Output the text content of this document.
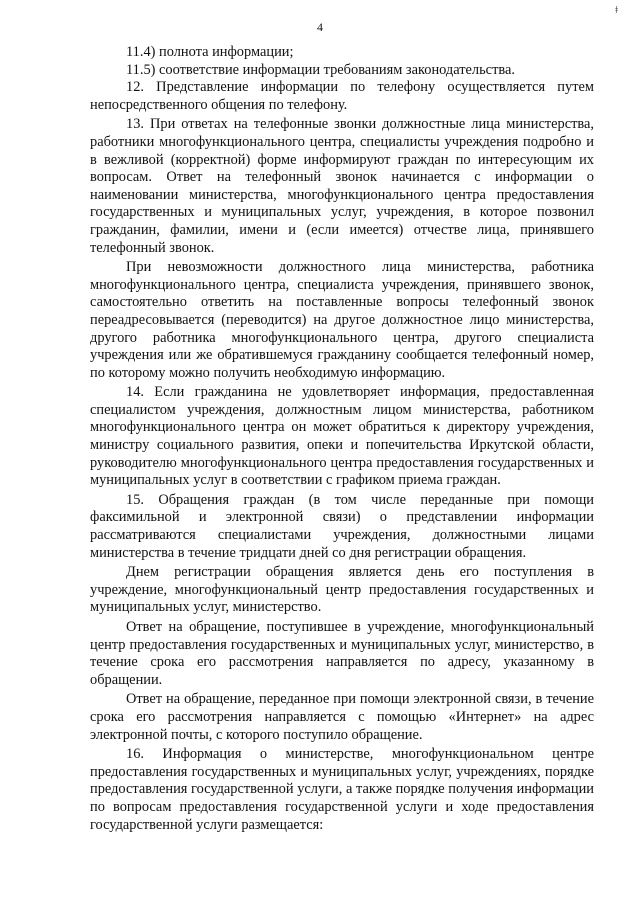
4
ǂ

11.4) полнота информации;

11.5) соответствие информации требованиям законодательства.

12. Представление информации по телефону осуществляется путем непосредственного общения по телефону.

13. При ответах на телефонные звонки должностные лица министерства, работники многофункционального центра, специалисты учреждения подробно и в вежливой (корректной) форме информируют граждан по интересующим их вопросам. Ответ на телефонный звонок начинается с информации о наименовании министерства, многофункционального центра предоставления государственных и муниципальных услуг, учреждения, в которое позвонил гражданин, фамилии, имени и (если имеется) отчестве лица, принявшего телефонный звонок.

При невозможности должностного лица министерства, работника многофункционального центра, специалиста учреждения, принявшего звонок, самостоятельно ответить на поставленные вопросы телефонный звонок переадресовывается (переводится) на другое должностное лицо министерства, другого работника многофункционального центра, другого специалиста учреждения или же обратившемуся гражданину сообщается телефонный номер, по которому можно получить необходимую информацию.

14. Если гражданина не удовлетворяет информация, предоставленная специалистом учреждения, должностным лицом министерства, работником многофункционального центра он может обратиться к директору учреждения, министру социального развития, опеки и попечительства Иркутской области, руководителю многофункционального центра предоставления государственных и муниципальных услуг в соответствии с графиком приема граждан.

15. Обращения граждан (в том числе переданные при помощи факсимильной и электронной связи) о представлении информации рассматриваются специалистами учреждения, должностными лицами министерства в течение тридцати дней со дня регистрации обращения.

Днем регистрации обращения является день его поступления в учреждение, многофункциональный центр предоставления государственных и муниципальных услуг, министерство.

Ответ на обращение, поступившее в учреждение, многофункциональный центр предоставления государственных и муниципальных услуг, министерство, в течение срока его рассмотрения направляется по адресу, указанному в обращении.

Ответ на обращение, переданное при помощи электронной связи, в течение срока его рассмотрения направляется с помощью «Интернет» на адрес электронной почты, с которого поступило обращение.

16. Информация о министерстве, многофункциональном центре предоставления государственных и муниципальных услуг, учреждениях, порядке предоставления государственной услуги, а также порядке получения информации по вопросам предоставления государственной услуги и ходе предоставления государственной услуги размещается:
